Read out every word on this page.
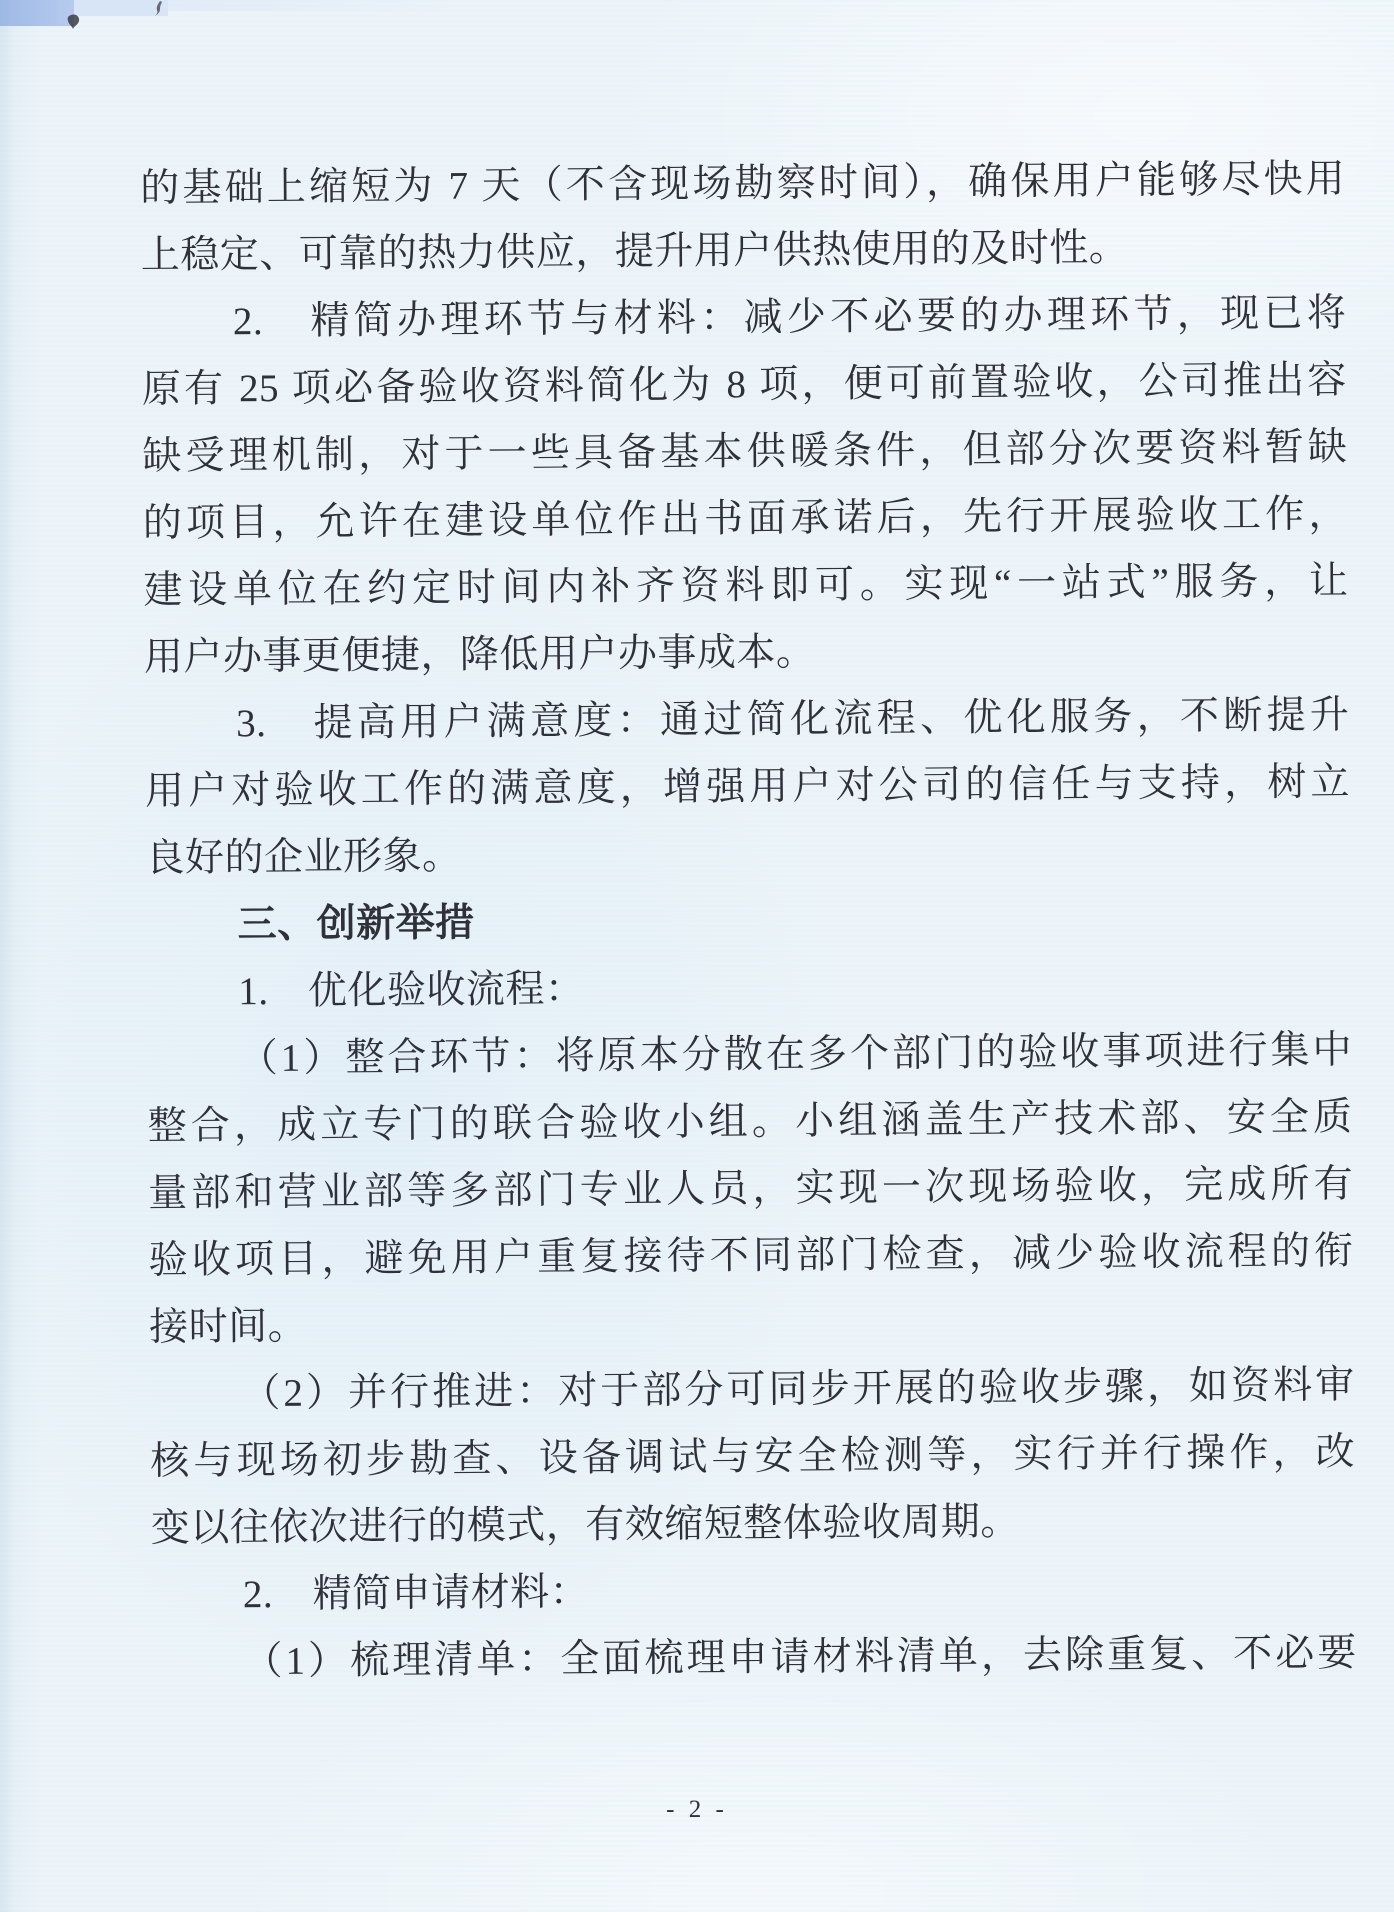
的基础上缩短为 7 天（不含现场勘察时间），确保用户能够尽快用
上稳定、可靠的热力供应，提升用户供热使用的及时性。
2.　精简办理环节与材料：减少不必要的办理环节，现已将
原有 25 项必备验收资料简化为 8 项，便可前置验收，公司推出容
缺受理机制，对于一些具备基本供暖条件，但部分次要资料暂缺
的项目，允许在建设单位作出书面承诺后，先行开展验收工作，
建设单位在约定时间内补齐资料即可。实现“一站式”服务，让
用户办事更便捷，降低用户办事成本。
3.　提高用户满意度：通过简化流程、优化服务，不断提升
用户对验收工作的满意度，增强用户对公司的信任与支持，树立
良好的企业形象。
三、创新举措
1.　优化验收流程：
（1）整合环节：将原本分散在多个部门的验收事项进行集中
整合，成立专门的联合验收小组。小组涵盖生产技术部、安全质
量部和营业部等多部门专业人员，实现一次现场验收，完成所有
验收项目，避免用户重复接待不同部门检查，减少验收流程的衔
接时间。
（2）并行推进：对于部分可同步开展的验收步骤，如资料审
核与现场初步勘查、设备调试与安全检测等，实行并行操作，改
变以往依次进行的模式，有效缩短整体验收周期。
2.　精简申请材料：
（1）梳理清单：全面梳理申请材料清单，去除重复、不必要
- 2 -
